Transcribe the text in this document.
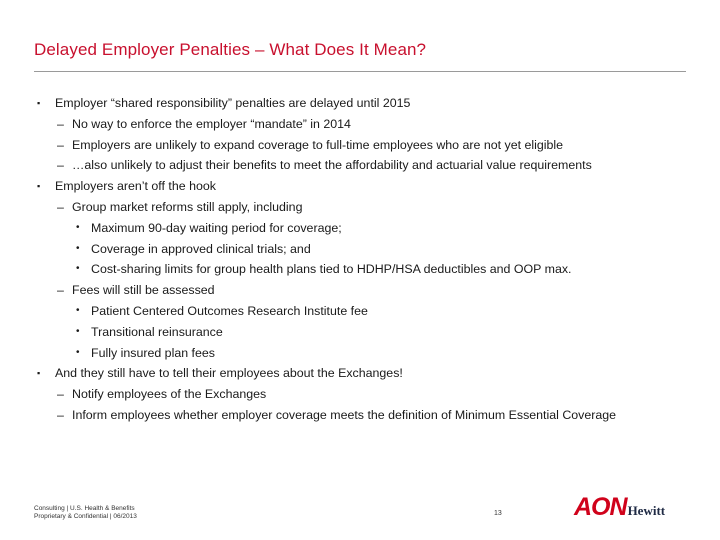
Delayed Employer Penalties – What Does It Mean?
▪ Employer “shared responsibility” penalties are delayed until 2015
– No way to enforce the employer “mandate” in 2014
– Employers are unlikely to expand coverage to full-time employees who are not yet eligible
– …also unlikely to adjust their benefits to meet the affordability and actuarial value requirements
▪ Employers aren’t off the hook
– Group market reforms still apply, including
• Maximum 90-day waiting period for coverage;
• Coverage in approved clinical trials; and
• Cost-sharing limits for group health plans tied to HDHP/HSA deductibles and OOP max.
– Fees will still be assessed
• Patient Centered Outcomes Research Institute fee
• Transitional reinsurance
• Fully insured plan fees
▪ And they still have to tell their employees about the Exchanges!
– Notify employees of the Exchanges
– Inform employees whether employer coverage meets the definition of Minimum Essential Coverage
Consulting | U.S. Health & Benefits
Proprietary & Confidential | 06/2013	13	AON Hewitt
